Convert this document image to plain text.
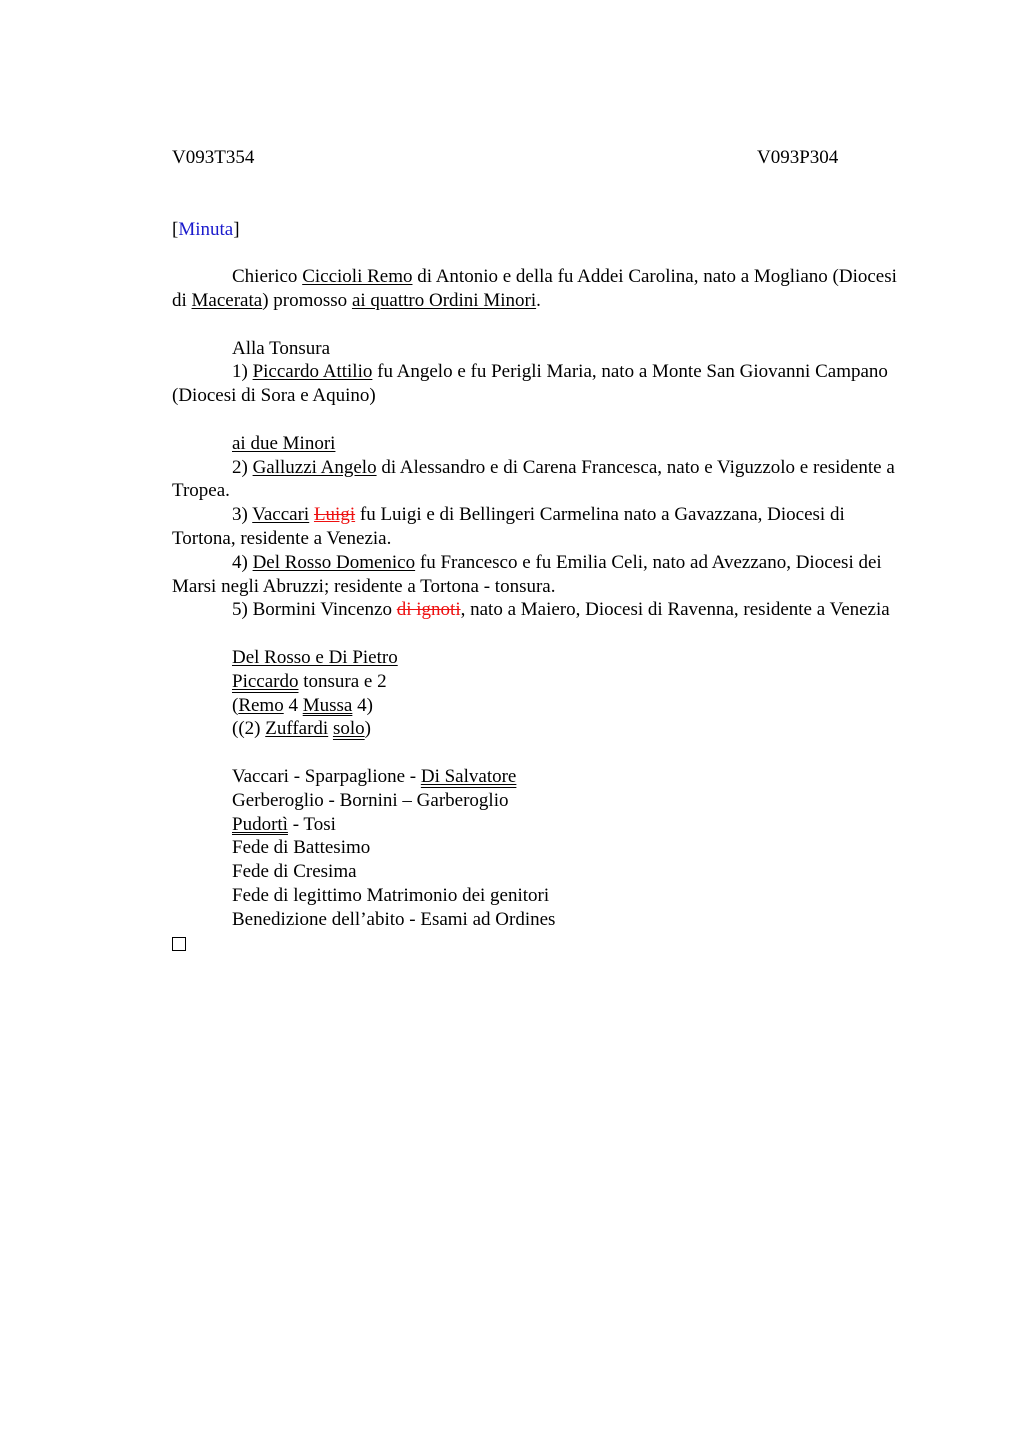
V093T354	V093P304

[Minuta]

Chierico Ciccioli Remo di Antonio e della fu Addei Carolina, nato a Mogliano (Diocesi di Macerata) promosso ai quattro Ordini Minori.

Alla Tonsura

1) Piccardo Attilio fu Angelo e fu Perigli Maria, nato a Monte San Giovanni Campano (Diocesi di Sora e Aquino)

ai due Minori

2) Galluzzi Angelo di Alessandro e di Carena Francesca, nato e Viguzzolo e residente a Tropea.

3) Vaccari Luigi fu Luigi e di Bellingeri Carmelina nato a Gavazzana, Diocesi di Tortona, residente a Venezia.

4) Del Rosso Domenico fu Francesco e fu Emilia Celi, nato ad Avezzano, Diocesi dei Marsi negli Abruzzi; residente a Tortona - tonsura.

5) Bormini Vincenzo di ignoti, nato a Maiero, Diocesi di Ravenna, residente a Venezia

Del Rosso e Di Pietro

Piccardo tonsura e 2

(Remo 4 Mussa 4)

((2) Zuffardi solo)

Vaccari - Sparpaglione - Di Salvatore

Gerberoglio - Bornini – Garberoglio

Pudortì - Tosi

Fede di Battesimo

Fede di Cresima

Fede di legittimo Matrimonio dei genitori

Benedizione dell’abito - Esami ad Ordines
